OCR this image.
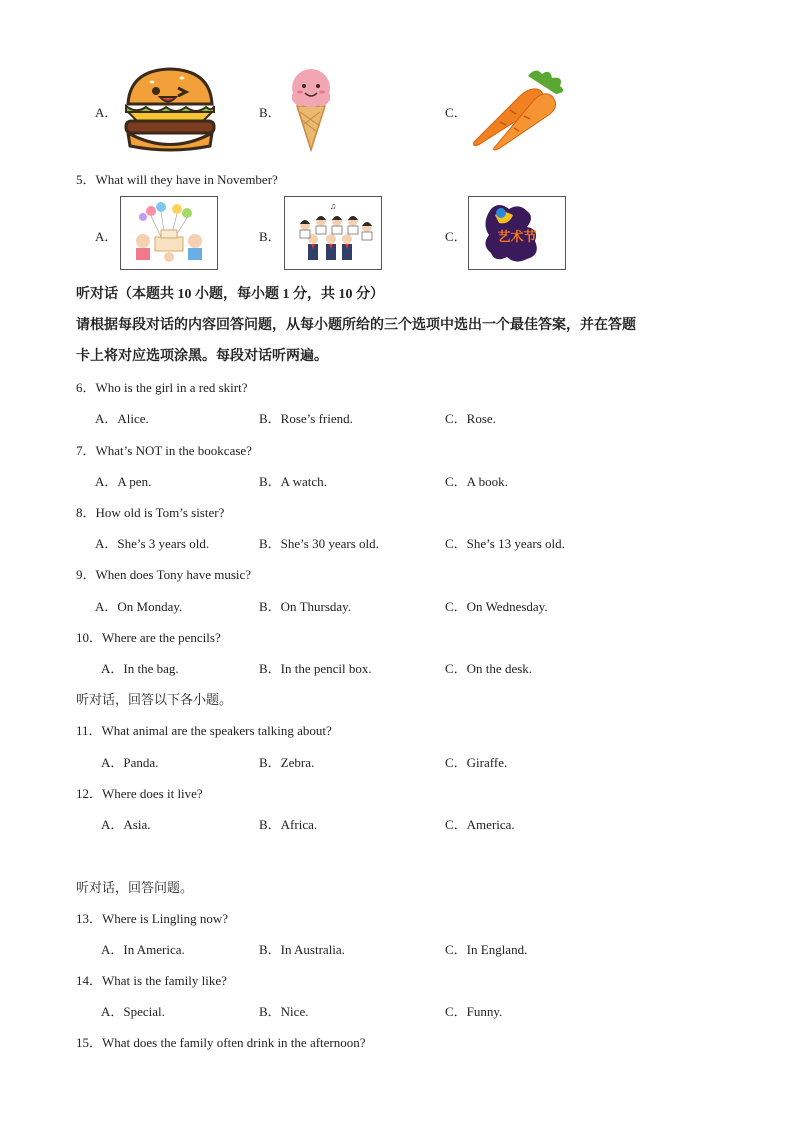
A．	B．	C．
5．What will they have in November?
A．	B．
♫
C． 艺术节
听对话（本题共 10 小题，每小题 1 分，共 10 分）
请根据每段对话的内容回答问题，从每小题所给的三个选项中选出一个最佳答案，并在答题
卡上将对应选项涂黑。每段对话听两遍。
6．Who is the girl in a red skirt?
A．Alice.	B．Rose’s friend.	C．Rose.
7．What’s NOT in the bookcase?
A．A pen.	B．A watch.	C．A book.
8．How old is Tom’s sister?
A．She’s 3 years old.	B．She’s 30 years old.	C．She’s 13 years old.
9．When does Tony have music?
A．On Monday.	B．On Thursday.	C．On Wednesday.
10．Where are the pencils?
A．In the bag.	B．In the pencil box.	C．On the desk.
听对话，回答以下各小题。
11．What animal are the speakers talking about?
A．Panda.	B．Zebra.	C．Giraffe.
12．Where does it live?
A．Asia.	B．Africa.	C．America.
听对话，回答问题。
13．Where is Lingling now?
A．In America.	B．In Australia.	C．In England.
14．What is the family like?
A．Special.	B．Nice.	C．Funny.
15．What does the family often drink in the afternoon?
